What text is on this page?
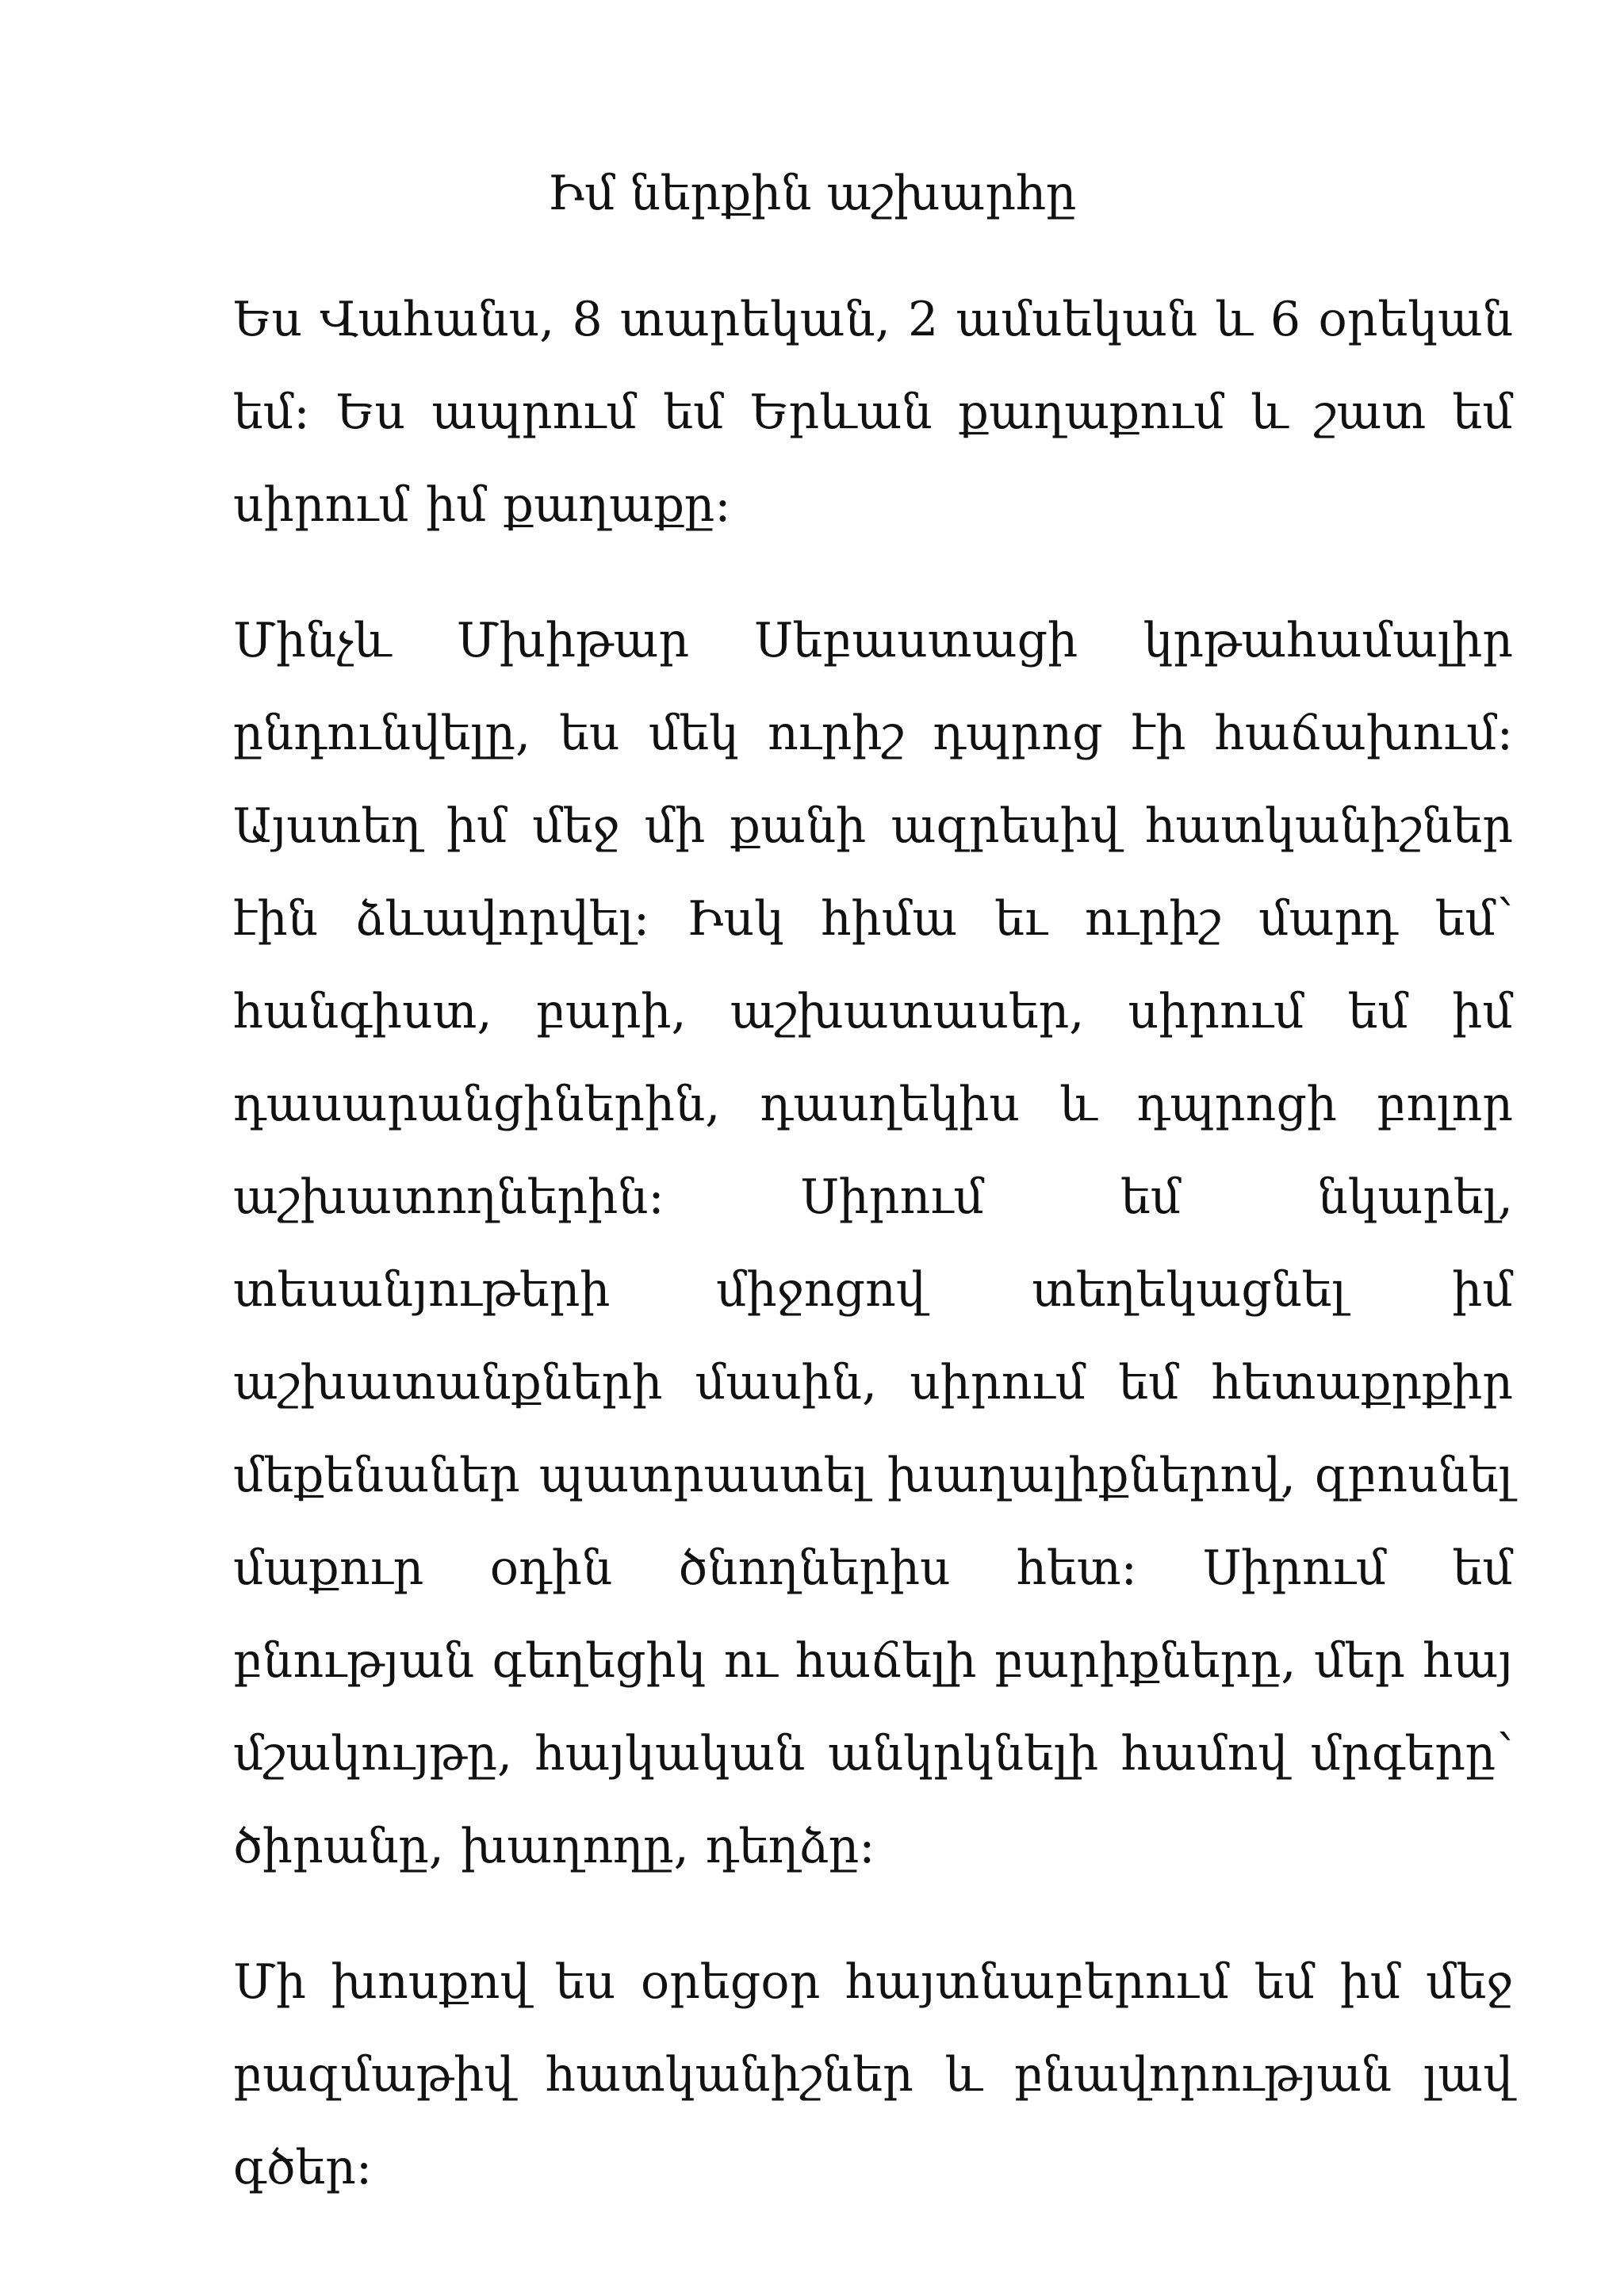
Իմ ներքին աշխարհը

Ես Վահանս, 8 տարեկան, 2 ամսեկան և 6 օրեկան եմ: Ես ապրում եմ Երևան քաղաքում և շատ եմ սիրում իմ քաղաքը:

Մինչև Մխիթար Սեբաստացի կրթահամալիր ընդունվելը, ես մեկ ուրիշ դպրոց էի հաճախում: Այստեղ իմ մեջ մի քանի ազրեսիվ հատկանիշներ էին ձևավորվել: Իսկ հիմա եւ ուրիշ մարդ եմ՝ հանգիստ, բարի, աշխատասեր, սիրում եմ իմ դասարանցիներին, դասղեկիս և դպրոցի բոլոր աշխատողներին: Սիրում եմ նկարել, տեսանյութերի միջոցով տեղեկացնել իմ աշխատանքների մասին, սիրում եմ հետաքրքիր մեքենաներ պատրաստել խաղալիքներով, զբոսնել մաքուր օդին ծնողներիս հետ: Սիրում եմ բնության գեղեցիկ ու հաճելի բարիքները, մեր հայ մշակույթը, հայկական անկրկնելի համով մրգերը՝ ծիրանը, խաղողը, դեղձը:

Մի խոսքով ես օրեցօր հայտնաբերում եմ իմ մեջ բազմաթիվ հատկանիշներ և բնավորության լավ գծեր:
